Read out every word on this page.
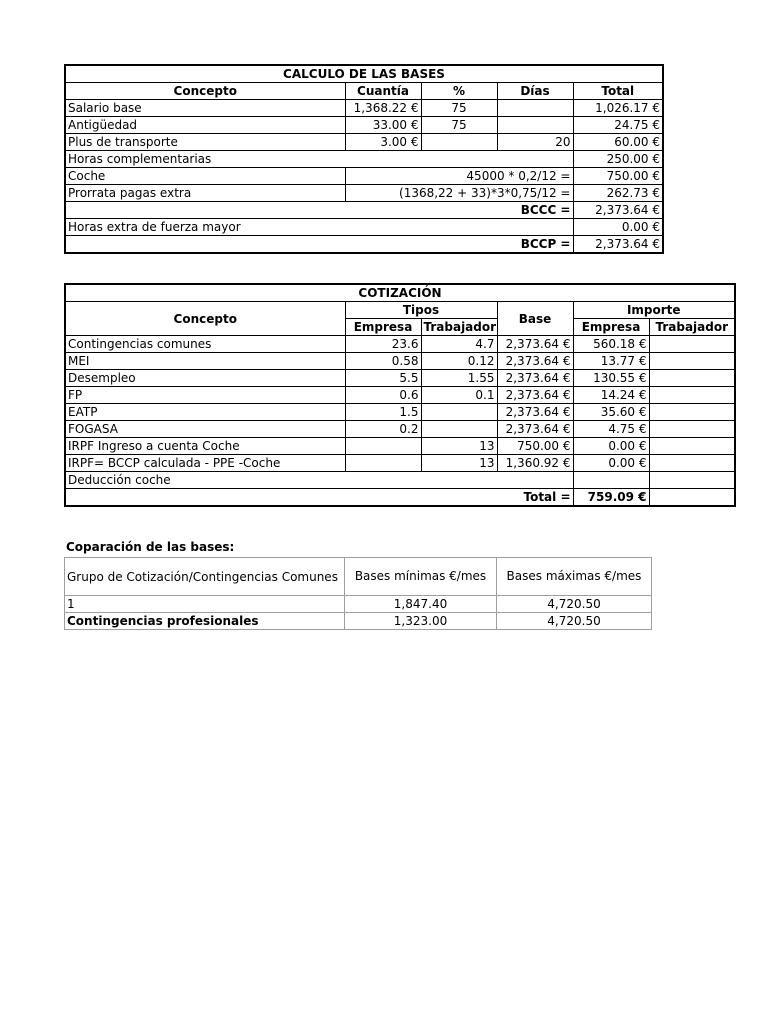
CALCULO DE LAS BASES				
Concepto	Cuantía	%	Días	Total
Salario base	1,368.22 €	75		1,026.17 €
Antigüedad	33.00 €	75		24.75 €
Plus de transporte	3.00 €		20	60.00 €
Horas complementarias				250.00 €
Coche	45000 * 0,2/12 =			750.00 €
Prorrata pagas extra	(1368,22 + 33)*3*0,75/12 =			262.73 €
BCCC =				2,373.64 €
Horas extra de fuerza mayor				0.00 €
BCCP =				2,373.64 €
COTIZACIÓN					
Concepto	Tipos		Base	Importe	
	Empresa	Trabajador		Empresa	Trabajador
Contingencias comunes	23.6	4.7	2,373.64 €	560.18 €	
MEI	0.58	0.12	2,373.64 €	13.77 €	
Desempleo	5.5	1.55	2,373.64 €	130.55 €	
FP	0.6	0.1	2,373.64 €	14.24 €	
EATP	1.5		2,373.64 €	35.60 €	
FOGASA	0.2		2,373.64 €	4.75 €	
IRPF Ingreso a cuenta Coche		13	750.00 €	0.00 €	
IRPF= BCCP calculada - PPE -Coche		13	1,360.92 €	0.00 €	
Deducción coche					
Total =				759.09 €	
Coparación de las bases:
Grupo de Cotización/Contingencias Comunes	Bases mínimas €/mes	Bases máximas €/mes
1	1,847.40	4,720.50
Contingencias profesionales	1,323.00	4,720.50
